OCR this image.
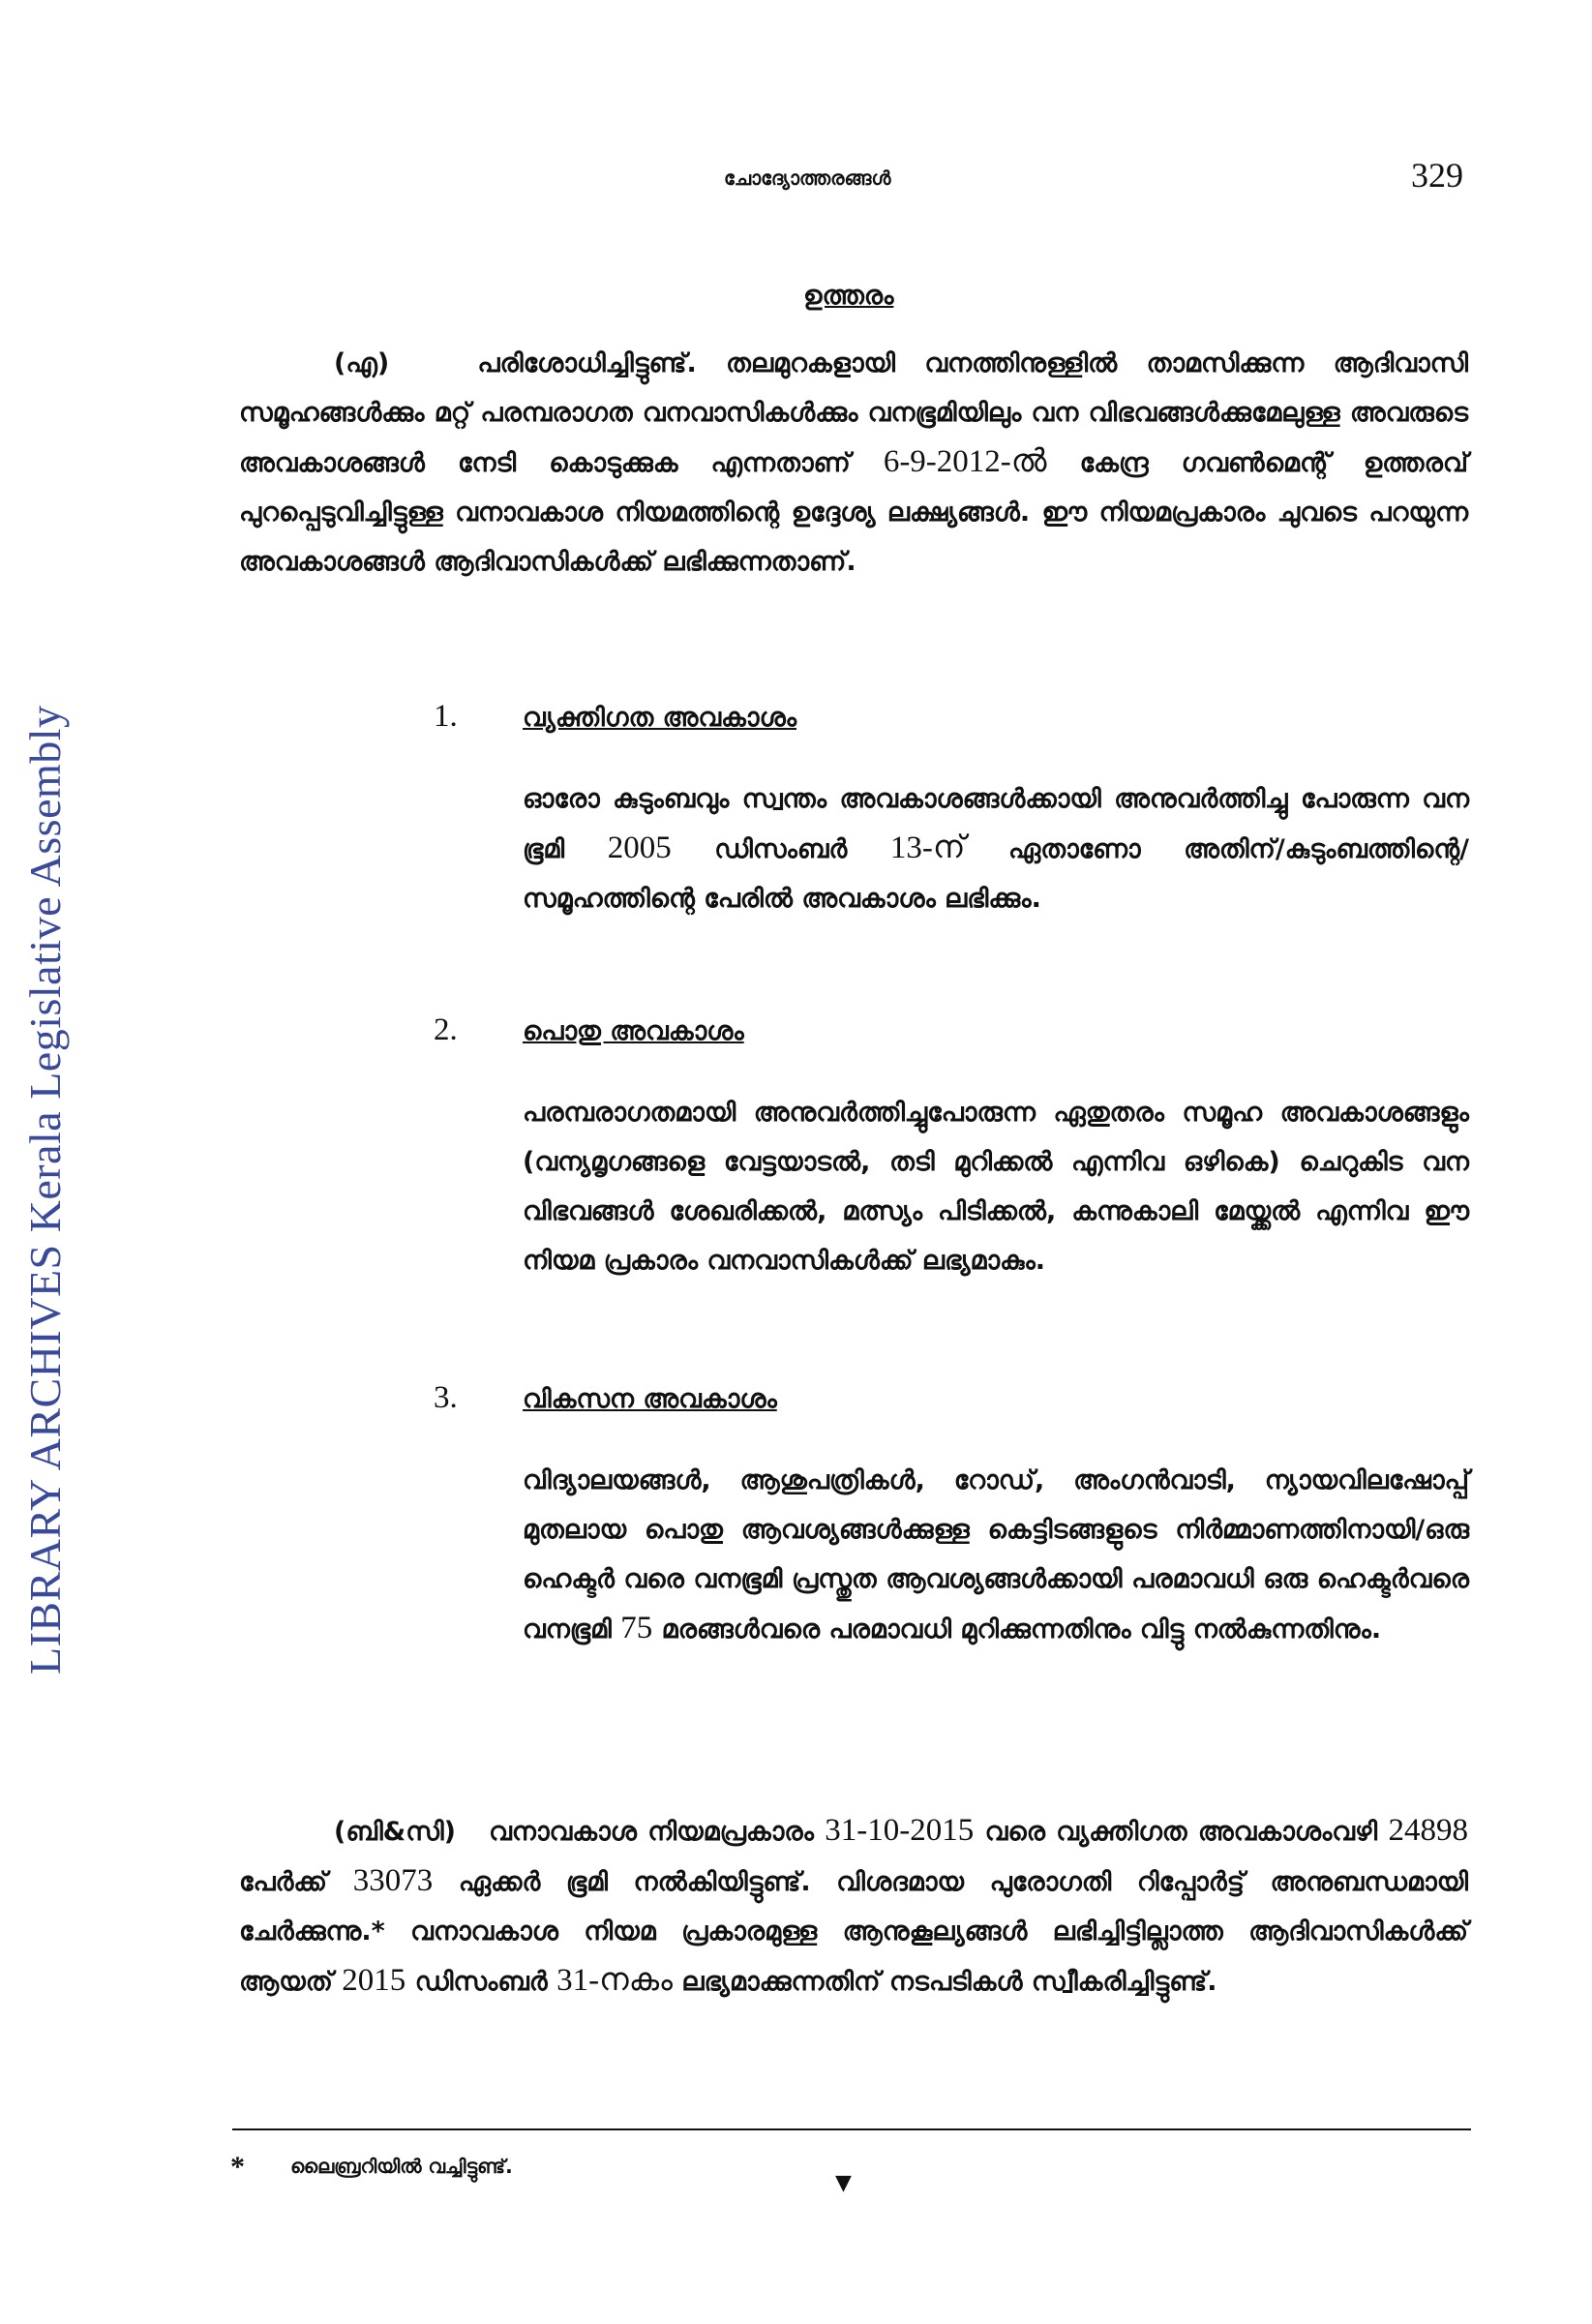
LIBRARY ARCHIVES Kerala Legislative Assembly
ചോദ്യോത്തരങ്ങൾ	329
ഉത്തരം

(എ)	പരിശോധിച്ചിട്ടുണ്ട്. തലമുറകളായി വനത്തിനുള്ളിൽ താമസിക്കുന്ന ആദിവാസി സമൂഹങ്ങൾക്കും മറ്റ് പരമ്പരാഗത വനവാസികൾക്കും വനഭൂമിയിലും വന വിഭവങ്ങൾക്കുമേലുള്ള അവരുടെ അവകാശങ്ങൾ നേടി കൊടുക്കുക എന്നതാണ് 6-9-2012-ൽ കേന്ദ്ര ഗവൺമെന്റ് ഉത്തരവ് പുറപ്പെടുവിച്ചിട്ടുള്ള വനാവകാശ നിയമത്തിന്റെ ഉദ്ദേശ്യ ലക്ഷ്യങ്ങൾ. ഈ നിയമപ്രകാരം ചുവടെ പറയുന്ന അവകാശങ്ങൾ ആദിവാസികൾക്ക് ലഭിക്കുന്നതാണ്.

1. വ്യക്തിഗത അവകാശം

ഓരോ കുടുംബവും സ്വന്തം അവകാശങ്ങൾക്കായി അനുവർത്തിച്ചു പോരുന്ന വന ഭൂമി 2005 ഡിസംബർ 13-ന് ഏതാണോ അതിന്/കുടുംബത്തിന്റെ/സമൂഹത്തിന്റെ പേരിൽ അവകാശം ലഭിക്കും.

2. പൊതു അവകാശം

പരമ്പരാഗതമായി അനുവർത്തിച്ചുപോരുന്ന ഏതുതരം സമൂഹ അവകാശങ്ങളും (വന്യമൃഗങ്ങളെ വേട്ടയാടൽ, തടി മുറിക്കൽ എന്നിവ ഒഴികെ) ചെറുകിട വന വിഭവങ്ങൾ ശേഖരിക്കൽ, മത്സ്യം പിടിക്കൽ, കന്നുകാലി മേയ്ക്കൽ എന്നിവ ഈ നിയമ പ്രകാരം വനവാസികൾക്ക് ലഭ്യമാകും.

3. വികസന അവകാശം

വിദ്യാലയങ്ങൾ, ആശുപത്രികൾ, റോഡ്, അംഗൻവാടി, ന്യായവിലഷോപ്പ് മുതലായ പൊതു ആവശ്യങ്ങൾക്കുള്ള കെട്ടിടങ്ങളുടെ നിർമ്മാണത്തിനായി/ഒരു ഹെക്ടർ വരെ വനഭൂമി പ്രസ്തുത ആവശ്യങ്ങൾക്കായി പരമാവധി ഒരു ഹെക്ടർവരെ വനഭൂമി 75 മരങ്ങൾവരെ പരമാവധി മുറിക്കുന്നതിനും വിട്ടു നൽകുന്നതിനും.

(ബി&സി) വനാവകാശ നിയമപ്രകാരം 31-10-2015 വരെ വ്യക്തിഗത അവകാശംവഴി 24898 പേർക്ക് 33073 ഏക്കർ ഭൂമി നൽകിയിട്ടുണ്ട്. വിശദമായ പുരോഗതി റിപ്പോർട്ട് അനുബന്ധമായി ചേർക്കുന്നു.* വനാവകാശ നിയമ പ്രകാരമുള്ള ആനുകൂല്യങ്ങൾ ലഭിച്ചിട്ടില്ലാത്ത ആദിവാസികൾക്ക് ആയത് 2015 ഡിസംബർ 31-നകം ലഭ്യമാക്കുന്നതിന് നടപടികൾ സ്വീകരിച്ചിട്ടുണ്ട്.

* ലൈബ്രറിയിൽ വച്ചിട്ടുണ്ട്.
▼
